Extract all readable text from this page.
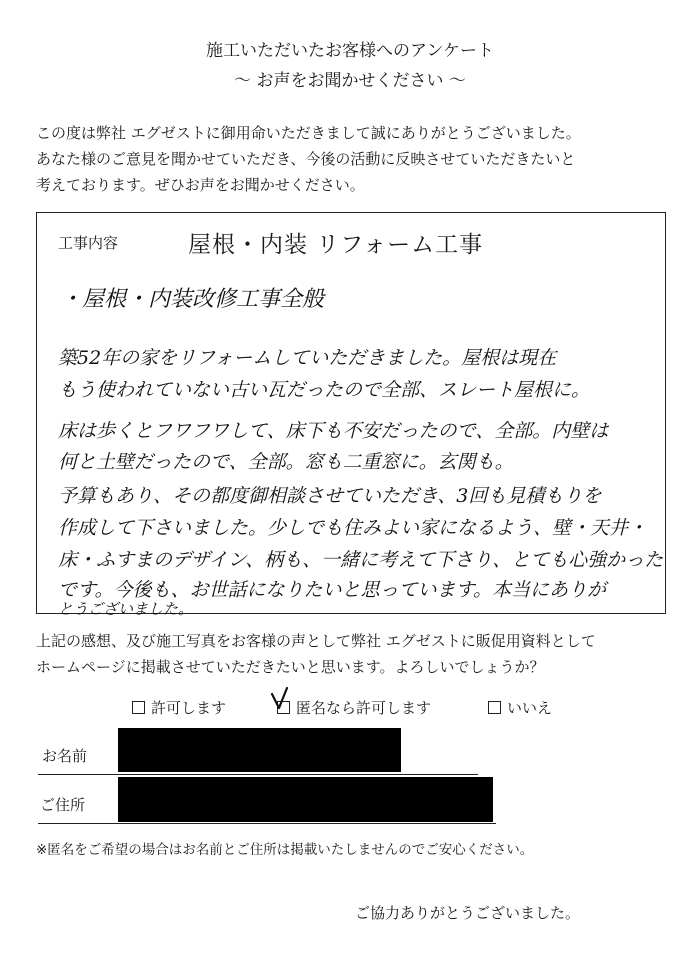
施工いただいたお客様へのアンケート
～ お声をお聞かせください ～
この度は弊社 エグゼストに御用命いただきまして誠にありがとうございました。
あなた様のご意見を聞かせていただき、今後の活動に反映させていただきたいと
考えております。ぜひお声をお聞かせください。
工事内容	屋根・内装 リフォーム工事
・屋根・内装改修工事全般
築52年の家をリフォームしていただきました。屋根は現在
もう使われていない古い瓦だったので全部、スレート屋根に。
床は歩くとフワフワして、床下も不安だったので、全部。内壁は
何と土壁だったので、全部。窓も二重窓に。玄関も。
予算もあり、その都度御相談させていただき、3回も見積もりを
作成して下さいました。少しでも住みよい家になるよう、壁・天井・
床・ふすまのデザイン、柄も、一緒に考えて下さり、とても心強かった
です。今後も、お世話になりたいと思っています。本当にありが
とうございました。
上記の感想、及び施工写真をお客様の声として弊社 エグゼストに販促用資料として
ホームページに掲載させていただきたいと思います。よろしいでしょうか？
許可します	匿名なら許可します	いいえ
お名前
ご住所
※匿名をご希望の場合はお名前とご住所は掲載いたしませんのでご安心ください。
ご協力ありがとうございました。
